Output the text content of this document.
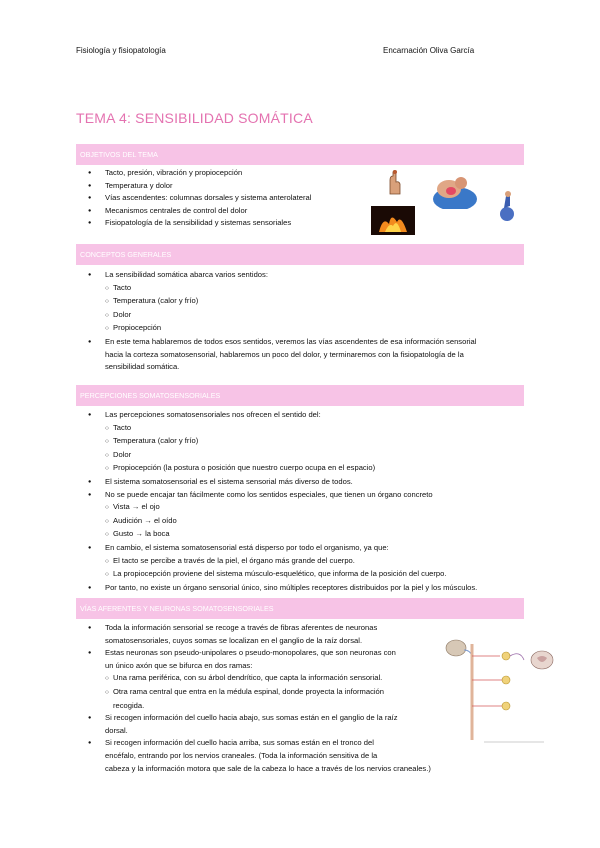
Fisiología y fisiopatología	Encarnación Oliva García
TEMA 4: SENSIBILIDAD SOMÁTICA
OBJETIVOS DEL TEMA
● Tacto, presión, vibración y propiocepción
● Temperatura y dolor
● Vías ascendentes: columnas dorsales y sistema anterolateral
● Mecanismos centrales de control del dolor
● Fisiopatología de la sensibilidad y sistemas sensoriales
CONCEPTOS GENERALES
● La sensibilidad somática abarca varios sentidos:
○ Tacto
○ Temperatura (calor y frío)
○ Dolor
○ Propiocepción
● En este tema hablaremos de todos esos sentidos, veremos las vías ascendentes de esa información sensorial
hacia la corteza somatosensorial, hablaremos un poco del dolor, y terminaremos con la fisiopatología de la
sensibilidad somática.
PERCEPCIONES SOMATOSENSORIALES
● Las percepciones somatosensoriales nos ofrecen el sentido del:
○ Tacto
○ Temperatura (calor y frío)
○ Dolor
○ Propiocepción (la postura o posición que nuestro cuerpo ocupa en el espacio)
● El sistema somatosensorial es el sistema sensorial más diverso de todos.
● No se puede encajar tan fácilmente como los sentidos especiales, que tienen un órgano concreto
○ Vista → el ojo
○ Audición → el oído
○ Gusto → la boca
● En cambio, el sistema somatosensorial está disperso por todo el organismo, ya que:
○ El tacto se percibe a través de la piel, el órgano más grande del cuerpo.
○ La propiocepción proviene del sistema músculo-esquelético, que informa de la posición del cuerpo.
● Por tanto, no existe un órgano sensorial único, sino múltiples receptores distribuidos por la piel y los músculos.
VÍAS AFERENTES Y NEURONAS SOMATOSENSORIALES
● Toda la información sensorial se recoge a través de fibras aferentes de neuronas
somatosensoriales, cuyos somas se localizan en el ganglio de la raíz dorsal.
● Estas neuronas son pseudo-unipolares o pseudo-monopolares, que son neuronas con
un único axón que se bifurca en dos ramas:
○ Una rama periférica, con su árbol dendrítico, que capta la información sensorial.
○ Otra rama central que entra en la médula espinal, donde proyecta la información
recogida.
● Si recogen información del cuello hacia abajo, sus somas están en el ganglio de la raíz
dorsal.
● Si recogen información del cuello hacia arriba, sus somas están en el tronco del
encéfalo, entrando por los nervios craneales. (Toda la información sensitiva de la
cabeza y la información motora que sale de la cabeza lo hace a través de los nervios craneales.)
